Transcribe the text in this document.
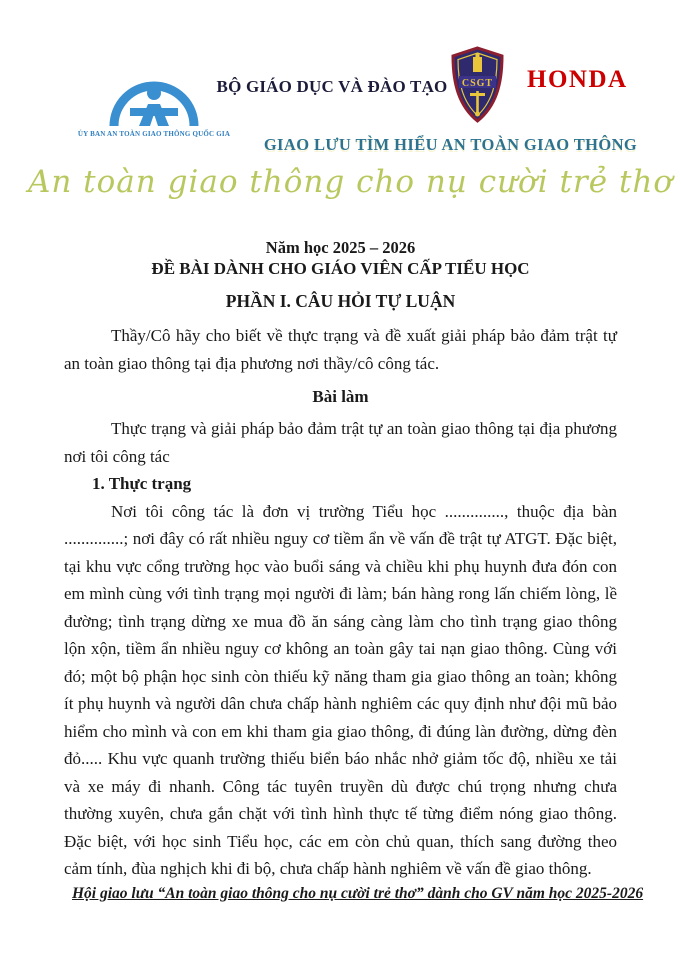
ỦY BAN AN TOÀN GIAO THÔNG QUỐC GIA
BỘ GIÁO DỤC VÀ ĐÀO TẠO CSGT HONDA
GIAO LƯU TÌM HIỂU AN TOÀN GIAO THÔNG
An toàn giao thông cho nụ cười trẻ thơ
Năm học 2025 – 2026
ĐỀ BÀI DÀNH CHO GIÁO VIÊN CẤP TIỂU HỌC
PHẦN I. CÂU HỎI TỰ LUẬN

Thầy/Cô hãy cho biết về thực trạng và đề xuất giải pháp bảo đảm trật tự an toàn giao thông tại địa phương nơi thầy/cô công tác.

Bài làm

Thực trạng và giải pháp bảo đảm trật tự an toàn giao thông tại địa phương nơi tôi công tác

1. Thực trạng

Nơi tôi công tác là đơn vị trường Tiểu học .............., thuộc địa bàn ..............; nơi đây có rất nhiều nguy cơ tiềm ẩn về vấn đề trật tự ATGT. Đặc biệt, tại khu vực cổng trường học vào buổi sáng và chiều khi phụ huynh đưa đón con em mình cùng với tình trạng mọi người đi làm; bán hàng rong lấn chiếm lòng, lề đường; tình trạng dừng xe mua đồ ăn sáng càng làm cho tình trạng giao thông lộn xộn, tiềm ẩn nhiều nguy cơ không an toàn gây tai nạn giao thông. Cùng với đó; một bộ phận học sinh còn thiếu kỹ năng tham gia giao thông an toàn; không ít phụ huynh và người dân chưa chấp hành nghiêm các quy định như đội mũ bảo hiểm cho mình và con em khi tham gia giao thông, đi đúng làn đường, dừng đèn đỏ..... Khu vực quanh trường thiếu biển báo nhắc nhở giảm tốc độ, nhiều xe tải và xe máy đi nhanh. Công tác tuyên truyền dù được chú trọng nhưng chưa thường xuyên, chưa gắn chặt với tình hình thực tế từng điểm nóng giao thông. Đặc biệt, với học sinh Tiểu học, các em còn chủ quan, thích sang đường theo cảm tính, đùa nghịch khi đi bộ, chưa chấp hành nghiêm về vấn đề giao thông.

Hội giao lưu “An toàn giao thông cho nụ cười trẻ thơ” dành cho GV năm học 2025-2026
